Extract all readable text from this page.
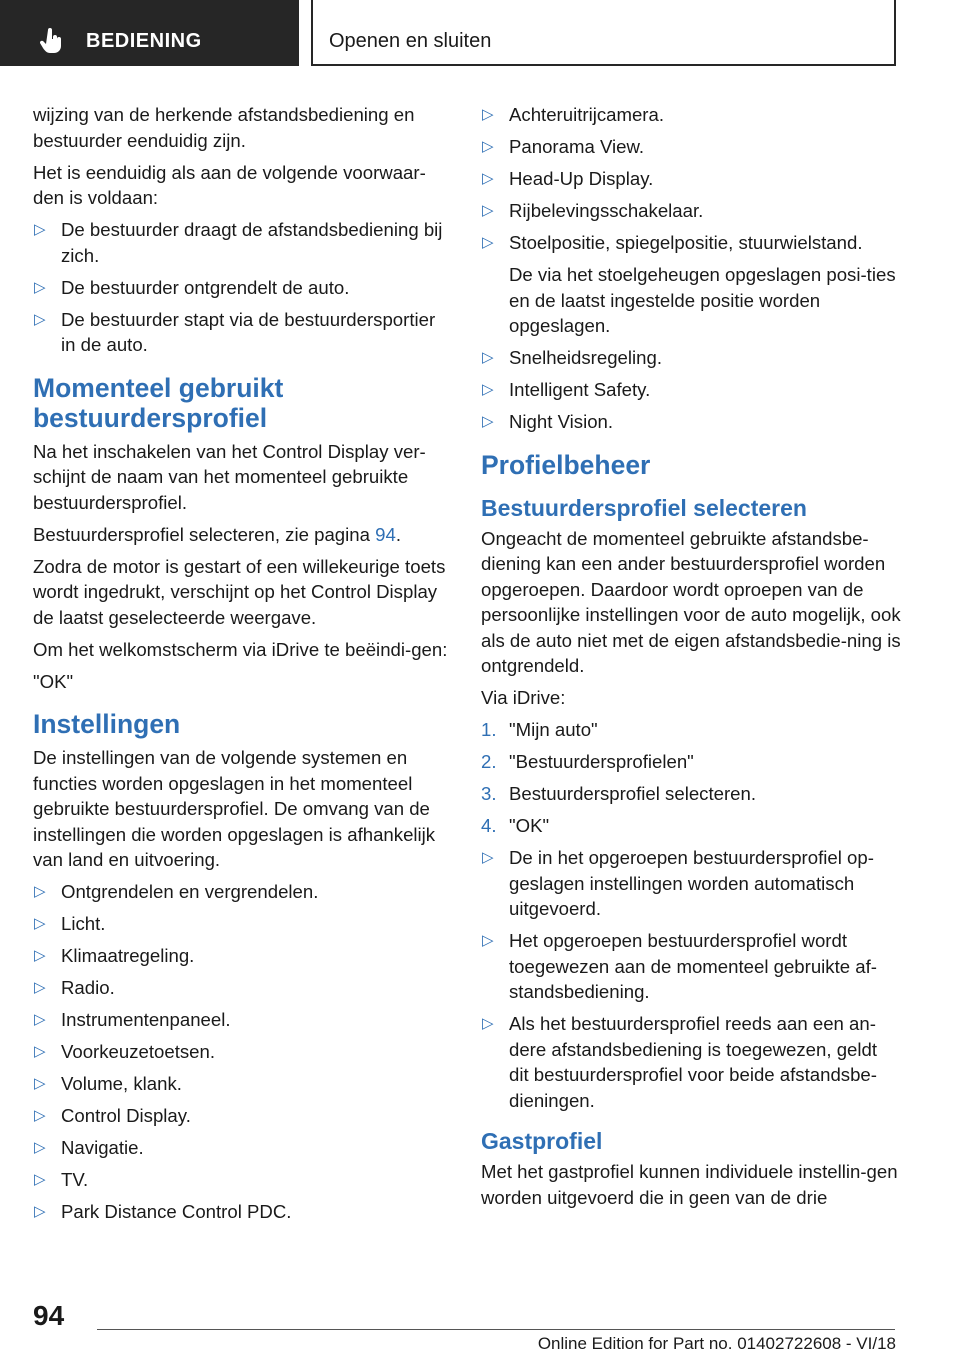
BEDIENING	Openen en sluiten

wijzing van de herkende afstandsbediening en bestuurder eenduidig zijn.

Het is eenduidig als aan de volgende voorwaar-den is voldaan:

▷ De bestuurder draagt de afstandsbediening bij zich.
▷ De bestuurder ontgrendelt de auto.
▷ De bestuurder stapt via de bestuurdersportier in de auto.
Momenteel gebruikt bestuurdersprofiel

Na het inschakelen van het Control Display ver-schijnt de naam van het momenteel gebruikte bestuurdersprofiel.

Bestuurdersprofiel selecteren, zie pagina 94.

Zodra de motor is gestart of een willekeurige toets wordt ingedrukt, verschijnt op het Control Display de laatst geselecteerde weergave.

Om het welkomstscherm via iDrive te beëindi-gen:

"OK"

Instellingen

De instellingen van de volgende systemen en functies worden opgeslagen in het momenteel gebruikte bestuurdersprofiel. De omvang van de instellingen die worden opgeslagen is afhankelijk van land en uitvoering.

▷ Ontgrendelen en vergrendelen.
▷ Licht.
▷ Klimaatregeling.
▷ Radio.
▷ Instrumentenpaneel.
▷ Voorkeuzetoetsen.
▷ Volume, klank.
▷ Control Display.
▷ Navigatie.
▷ TV.
▷ Park Distance Control PDC.
▷ Achteruitrijcamera.
▷ Panorama View.
▷ Head-Up Display.
▷ Rijbelevingsschakelaar.
▷ Stoelpositie, spiegelpositie, stuurwielstand.
De via het stoelgeheugen opgeslagen posi-ties en de laatst ingestelde positie worden opgeslagen.
▷ Snelheidsregeling.
▷ Intelligent Safety.
▷ Night Vision.
Profielbeheer
Bestuurdersprofiel selecteren

Ongeacht de momenteel gebruikte afstandsbe-diening kan een ander bestuurdersprofiel worden opgeroepen. Daardoor wordt oproepen van de persoonlijke instellingen voor de auto mogelijk, ook als de auto niet met de eigen afstandsbedie-ning is ontgrendeld.

Via iDrive:

1. "Mijn auto"
2. "Bestuurdersprofielen"
3. Bestuurdersprofiel selecteren.
4. "OK"
▷ De in het opgeroepen bestuurdersprofiel op-geslagen instellingen worden automatisch uitgevoerd.
▷ Het opgeroepen bestuurdersprofiel wordt toegewezen aan de momenteel gebruikte af-standsbediening.
▷ Als het bestuurdersprofiel reeds aan een an-dere afstandsbediening is toegewezen, geldt dit bestuurdersprofiel voor beide afstandsbe-dieningen.
Gastprofiel

Met het gastprofiel kunnen individuele instellin-gen worden uitgevoerd die in geen van de drie

94
Online Edition for Part no. 01402722608 - VI/18
